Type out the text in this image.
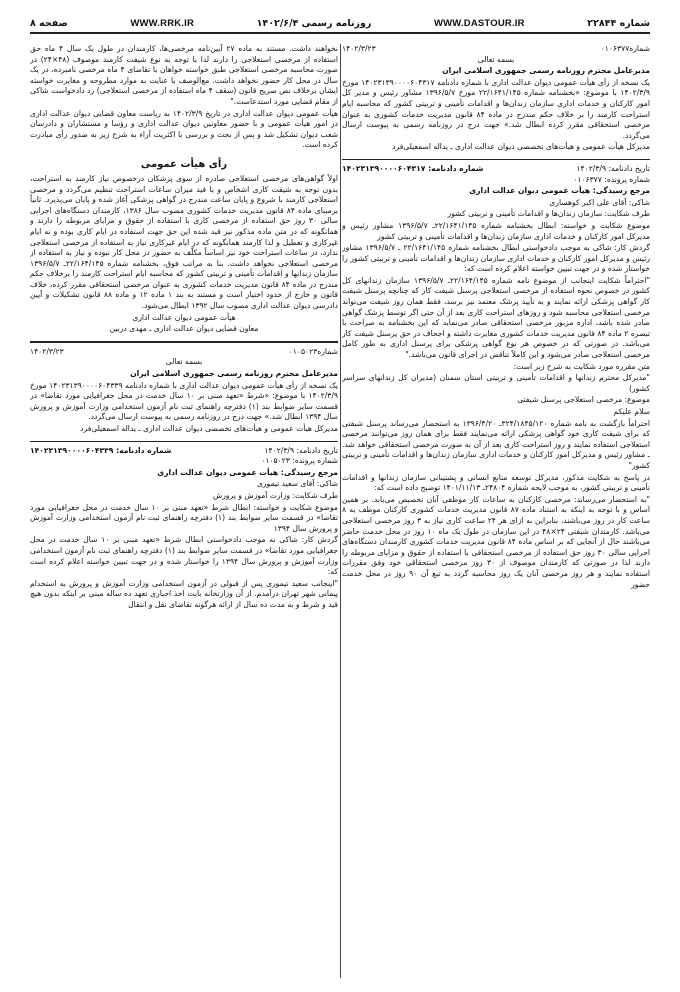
صفحه ۸	WWW.RRK.IR	روزنامه رسمی ۱۴۰۲/۶/۴	WWW.DASTOUR.IR	شماره ۲۲۸۴۴
شماره۰۱۰۶۳۷۷
۱۴۰۲/۳/۲۳

بسمه تعالی

مدیرعامل محترم روزنامه رسمی جمهوری اسلامی ایران

یک نسخه از رأی هیأت عمومی دیوان عدالت اداری با شماره دادنامه ۱۴۰۲۳۱۳۹۰۰۰۰۶۰۴۳۱۷ مورخ ۱۴۰۲/۳/۹ با موضوع: «بخشنامه شماره ۲۲/۱۶۴۱/۱۴۵ مورخ ۱۳۹۶/۵/۷ مشاور رئیس و مدیر کل امور کارکنان و خدمات اداری سازمان زندان‌ها و اقدامات تأمینی و تربیتی کشور که محاسبه ایام استراحت کارمند را بر خلاف حکم مندرج در ماده ۸۴ قانون مدیریت خدمات کشوری به عنوان مرخصی استحقاقی مقرر کرده ابطال شد.» جهت درج در روزنامه رسمی به پیوست ارسال می‌گردد.

مدیرکل هیأت عمومی و هیأت‌های تخصصی دیوان عدالت اداری ـ یداله اسمعیلی‌فرد

تاریخ دادنامه: ۱۴۰۲/۳/۹
شماره دادنامه: ۱۴۰۲۳۱۳۹۰۰۰۰۶۰۴۳۱۷

شماره پرونده: ۰۱۰۶۳۷۷

مرجع رسیدگی: هیأت عمومی دیوان عدالت اداری

شاکی: آقای علی اکبر کوهساری

طرف شکایت: سازمان زندان‌ها و اقدامات تأمینی و تربیتی کشور

موضوع شکایت و خواسته: ابطال بخشنامه شماره ۲۲/۱۶۴۱/۱۴۵ـ ۱۳۹۶/۵/۷ مشاور رئیس و مدیرکل امور کارکنان و خدمات اداری سازمان زندان‌ها و اقدامات تأمینی و تربیتی کشور

گردش کار: شاکی به موجب دادخواستی ابطال بخشنامه شماره ۲۲/۱۶۴۱/۱۴۵ ـ ۱۳۹۶/۵/۷ مشاور رئیس و مدیرکل امور کارکنان و خدمات اداری سازمان زندان‌ها و اقدامات تأمینی و تربیتی کشور را خواستار شده و در جهت تبیین خواسته اعلام کرده است که:

"احتراماً شکایت اینجانب از موضوع نامه شماره ۲۲/۱۶۴/۱۴۵ـ ۱۳۹۶/۵/۷ سازمان زندانهای کل کشور در خصوص نحوه استفاده از مرخصی استعلاجی پرسنل شیفت کار که چنانچه پرسنل شیفت کار گواهی پزشکی ارائه نمایند و به تأیید پزشک معتمد نیز برسد، فقط همان روز شیفت می‌تواند مرخصی استعلاجی محاسبه شود و روزهای استراحت کاری بعد از آن حتی اگر توسط پزشک گواهی صادر شده باشد، اداره مزبور مرخصی استحقاقی صادر می‌نماید که این بخشنامه به صراحت با تبصره ۲ ماده ۸۴ قانون مدیریت خدمات کشوری مغایرت داشته و اجحاف در حق پرسنل شیفت کار می‌باشد. در صورتی که در خصوص هر نوع گواهی پزشکی برای پرسنل اداری به طور کامل مرخصی استعلاجی صادر می‌شود و این کاملاً تناقض در اجرای قانون می‌باشد."

متن مقرره مورد شکایت به شرح زیر است:

"مدیرکل محترم زندانها و اقدامات تأمینی و تربیتی استان سمنان (مدیران کل زندانهای سراسر کشور)

موضوع: مرخصی استعلاجی پرسنل شیفتی

سلام علیکم

احتراماً بازگشت به نامه شماره ۳۲۴/۱۸۴۵/۱۲۰ـ ۱۳۹۶/۴/۲۰ به استحضار می‌رساند پرسنل شیفتی که برای شیفت کاری خود گواهی پزشکی ارائه می‌نمایند فقط برای همان روز می‌توانند مرخصی استعلاجی استفاده نمایند و روز استراحت کاری بعد از آن به صورت مرخصی استحقاقی خواهد شد. ـ مشاور رئیس و مدیرکل امور کارکنان و خدمات اداری سازمان زندان‌ها و اقدامات تأمینی و تربیتی کشور"

در پاسخ به شکایت مذکور، مدیرکل توسعه منابع انسانی و پشتیبانی سازمان زندانها و اقدامات تأمینی و تربیتی کشور، به موجب لایحه شماره ۲۴۸۰۴ـ ۱۴۰۱/۱۱/۱۳ توضیح داده است که:

"به استحضار می‌رساند: مرخصی کارکنان به ساعات کار موظفی آنان تخصیص می‌یابد. بر همین اساس و با توجه به اینکه به استناد ماده ۸۷ قانون مدیریت خدمات کشوری کارکنان موظف به ۸ ساعت کار در روز می‌باشند، بنابراین به ازای هر ۲۴ ساعت کاری نیاز به ۳ روز مرخصی استعلاجی می‌باشد. کارمندان شیفتی ۲۴×۴۸ در این سازمان در طول یک ماه ۱۰ روز در محل خدمت حاضر می‌باشند حال از آنجایی که بر اساس ماده ۸۴ قانون مدیریت خدمات کشوری کارمندان دستگاه‌های اجرایی سالی ۳۰ روز حق استفاده از مرخصی استحقاقی با استفاده از حقوق و مزایای مربوطه را دارند لذا در صورتی که کارمندان موصوف از ۳۰ روز مرخصی استحقاقی خود وفق مقررات استفاده نمایند و هر روز مرخصی آنان یک روز محاسبه گردد به تبع آن ۹۰ روز در محل خدمت حضور

نخواهند داشت. مستند به ماده ۲۷ آیین‌نامه مرخصی‌ها، کارمندان در طول یک سال ۴ ماه حق استفاده از مرخصی استعلاجی را دارند لذا با توجه به نوع شیفت کارمند موصوف (۴۸×۲۴) در صورت محاسبه مرخصی استعلاجی طبق خواسته خواهان با تقاضای ۴ ماه مرخصی نامبرده، در یک سال در محل کار حضور نخواهد داشت. مع‌الوصف با عنایت به موارد مطروحه و مغایرت خواسته ایشان برخلاف نص صریح قانون (سقف ۴ ماه استفاده از مرخصی استعلاجی) رد دادخواست شاکی از مقام قضایی مورد استدعاست."

هیأت عمومی دیوان عدالت اداری در تاریخ ۱۴۰۲/۳/۹ به ریاست معاون قضایی دیوان عدالت اداری در امور هیأت عمومی و با حضور معاونین دیوان عدالت اداری و رؤسا و مستشاران و دادرسان شعب دیوان تشکیل شد و پس از بحث و بررسی با اکثریت آراء به شرح زیر به صدور رأی مبادرت کرده است.

رأی هیأت عمومی

اولاً گواهی‌های مرخصی استعلاجی صادره از سوی پزشکان درخصوص نیاز کارمند به استراحت، بدون توجه به شیفت کاری اشخاص و با قید میزان ساعات استراحت تنظیم می‌گردد و مرخصی استعلاجی کارمند با شروع و پایان ساعت مندرج در گواهی پزشکی آغاز شده و پایان می‌پذیرد. ثانیاً برمبنای ماده ۸۴ قانون مدیریت خدمات کشوری مصوب سال ۱۳۸۶، کارمندان دستگاه‌های اجرایی سالی ۳۰ روز حق استفاده از مرخصی کاری با استفاده از حقوق و مزایای مربوطه را دارند و همانگونه که در متن ماده مذکور نیز قید شده این حق جهت استفاده در ایام کاری بوده و نه ایام غیرکاری و تعطیل و لذا کارمند همانگونه که در ایام غیرکاری نیاز به استفاده از مرخصی استعلاجی ندارد، در ساعات استراحت خود نیز اساساً مکلّف به حضور در محل کار نبوده و نیاز به استفاده از مرخصی استعلاجی نخواهد داشت. بنا به مراتب فوق، بخشنامه شماره ۲۲/۱۶۴/۱۴۵ـ ۱۳۹۶/۵/۷ سازمان زندانها و اقدامات تأمینی و تربیتی کشور که محاسبه ایام استراحت کارمند را برخلاف حکم مندرج در ماده ۸۴ قانون مدیریت خدمات کشوری به عنوان مرخصی استحقاقی مقرر کرده، خلاف قانون و خارج از حدود اختیار است و مستند به بند ۱ ماده ۱۲ و ماده ۸۸ قانون تشکیلات و آیین دادرسی دیوان عدالت اداری مصوب سال ۱۳۹۲ ابطال می‌شود.

هیأت عمومی دیوان عدالت اداری

معاون قضایی دیوان عدالت اداری ـ مهدی دربین

شماره۰۱۰۵۰۲۳
۱۴۰۲/۳/۲۳

بسمه تعالی

مدیرعامل محترم روزنامه رسمی جمهوری اسلامی ایران

یک نسخه از رأی هیأت عمومی دیوان عدالت اداری با شماره دادنامه ۱۴۰۲۳۱۳۹۰۰۰۰۶۰۴۳۳۹ مورخ ۱۴۰۲/۳/۹ با موضوع: «شرط «تعهد مبنی بر ۱۰ سال خدمت در محل جغرافیایی مورد تقاضا» در قسمت سایر ضوابط بند (۱) دفترچه راهنمای ثبت نام آزمون استخدامی وزارت آموزش و پرورش سال ۱۳۹۴ ابطال شد.» جهت درج در روزنامه رسمی به پیوست ارسال می‌گردد.

مدیرکل هیأت عمومی و هیأت‌های تخصصی دیوان عدالت اداری ـ یداله اسمعیلی‌فرد

تاریخ دادنامه: ۱۴۰۲/۳/۹
شماره دادنامه: ۱۴۰۲۳۱۳۹۰۰۰۰۶۰۴۳۳۹

شماره پرونده: ۰۱۰۵۰۲۳

مرجع رسیدگی: هیأت عمومی دیوان عدالت اداری

شاکی: آقای سعید تیموری

طرف شکایت: وزارت آموزش و پرورش

موضوع شکایت و خواسته: ابطال شرط «تعهد مبنی بر ۱۰ سال خدمت در محل جغرافیایی مورد تقاضا» در قسمت سایر ضوابط بند (۱) دفترچه راهنمای ثبت نام آزمون استخدامی وزارت آموزش و پرورش سال ۱۳۹۴

گردش کار: شاکی به موجب دادخواستی ابطال شرط «تعهد مبنی بر ۱۰ سال خدمت در محل جغرافیایی مورد تقاضا» در قسمت سایر ضوابط بند (۱) دفترچه راهنمای ثبت نام آزمون استخدامی وزارت آموزش و پرورش سال ۱۳۹۴ را خواستار شده و در جهت تبیین خواسته اعلام کرده است که:

"اینجانب سعید تیموری پس از قبولی در آزمون استخدامی وزارت آموزش و پرورش به استخدام پیمانی شهر تهران درآمدم. از آن وزارتخانه بابت اخذ اجباری تعهد ده ساله مبنی بر اینکه بدون هیچ قید و شرط و به مدت ده سال از ارائه هرگونه تقاضای نقل و انتقال
